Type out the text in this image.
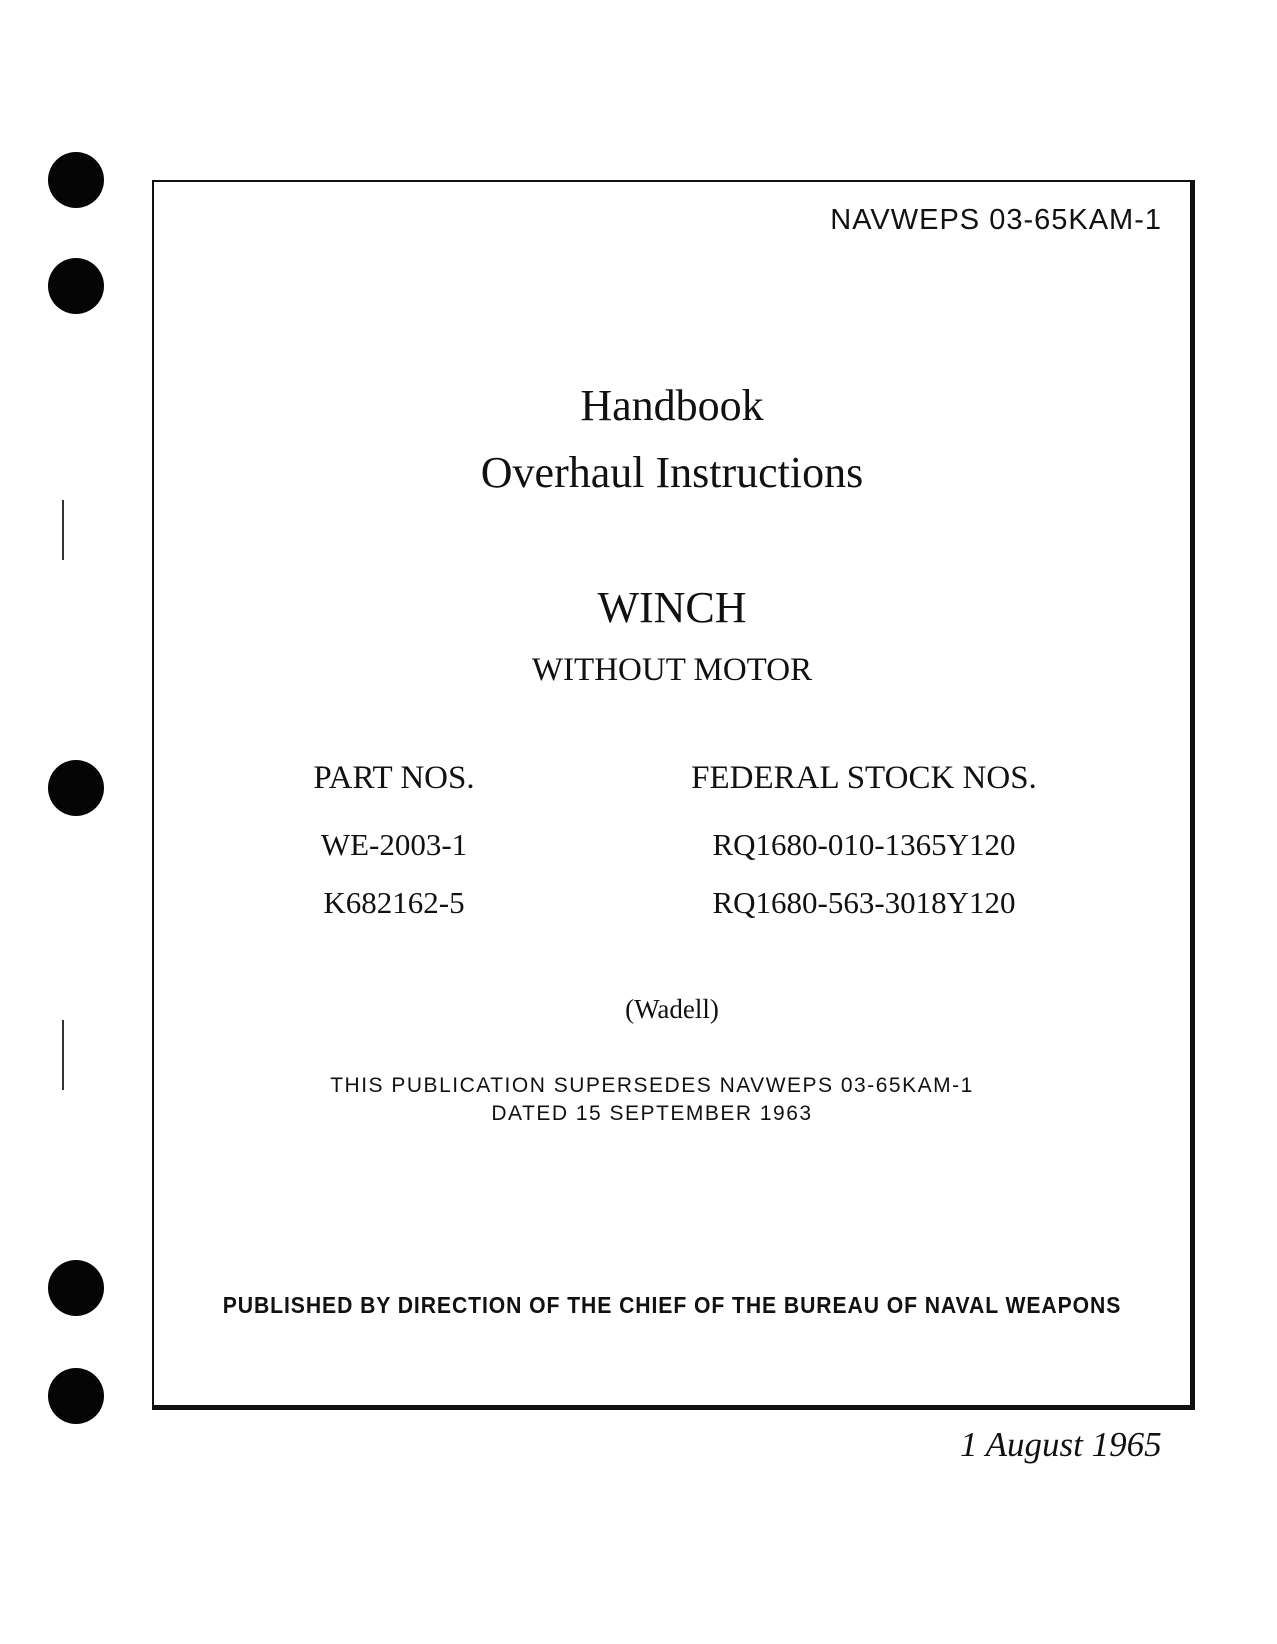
NAVWEPS 03-65KAM-1
Handbook
Overhaul Instructions
WINCH
WITHOUT MOTOR
PART NOS.	FEDERAL STOCK NOS.
WE-2003-1	RQ1680-010-1365Y120
K682162-5	RQ1680-563-3018Y120
(Wadell)
THIS PUBLICATION SUPERSEDES NAVWEPS 03-65KAM-1
DATED 15 SEPTEMBER 1963
PUBLISHED BY DIRECTION OF THE CHIEF OF THE BUREAU OF NAVAL WEAPONS
1 August 1965
